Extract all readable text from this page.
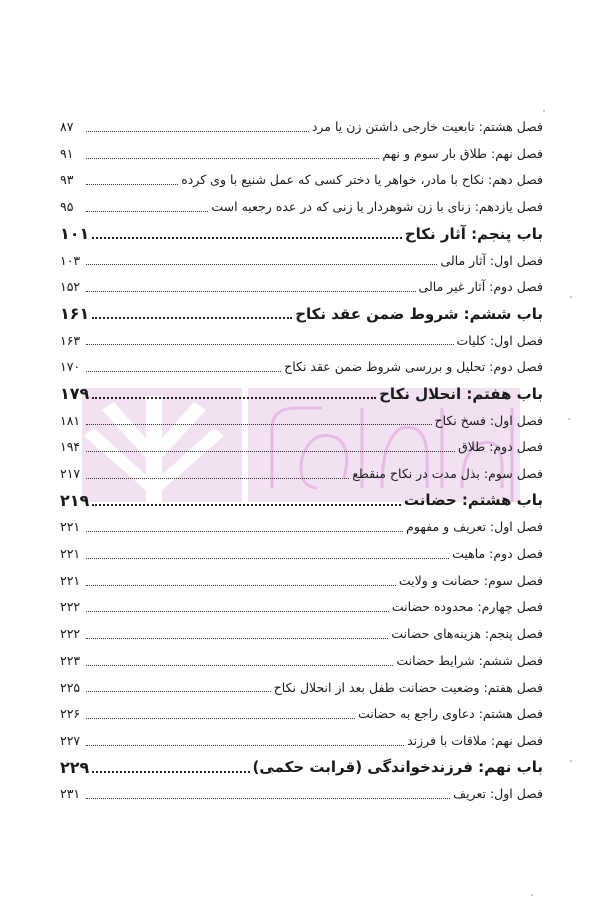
فصل هشتم: تابعیت خارجی داشتن زن یا مرد
۸۷
فصل نهم: طلاق بار سوم و نهم
۹۱
فصل دهم: نکاح با مادر، خواهر یا دختر کسی که عمل شنیع با وی کرده
۹۳
فصل یازدهم: زنای با زن شوهردار یا زنی که در عده رجعیه است
۹۵
باب پنجم: آثار نکاح
۱۰۱
فصل اول: آثار مالی
۱۰۳
فصل دوم: آثار غیر مالی
۱۵۲
باب ششم: شروط ضمن عقد نکاح
۱۶۱
فصل اول: کلیات
۱۶۳
فصل دوم: تحلیل و بررسی شروط ضمن عقد نکاح
۱۷۰
باب هفتم: انحلال نکاح
۱۷۹
فصل اول: فسخ نکاح
۱۸۱
فصل دوم: طلاق
۱۹۴
فصل سوم: بذل مدت در نکاح منقطع
۲۱۷
باب هشتم: حضانت
۲۱۹
فصل اول: تعریف و مفهوم
۲۲۱
فصل دوم: ماهیت
۲۲۱
فصل سوم: حضانت و ولایت
۲۲۱
فصل چهارم: محدوده حضانت
۲۲۲
فصل پنجم: هزینه‌های حضانت
۲۲۲
فصل ششم: شرایط حضانت
۲۲۳
فصل هفتم: وضعیت حضانت طفل بعد از انحلال نکاح
۲۲۵
فصل هشتم: دعاوی راجع به حضانت
۲۲۶
فصل نهم: ملاقات با فرزند
۲۲۷
باب نهم: فرزندخواندگی (قرابت حکمی)
۲۲۹
فصل اول: تعریف
۲۳۱
